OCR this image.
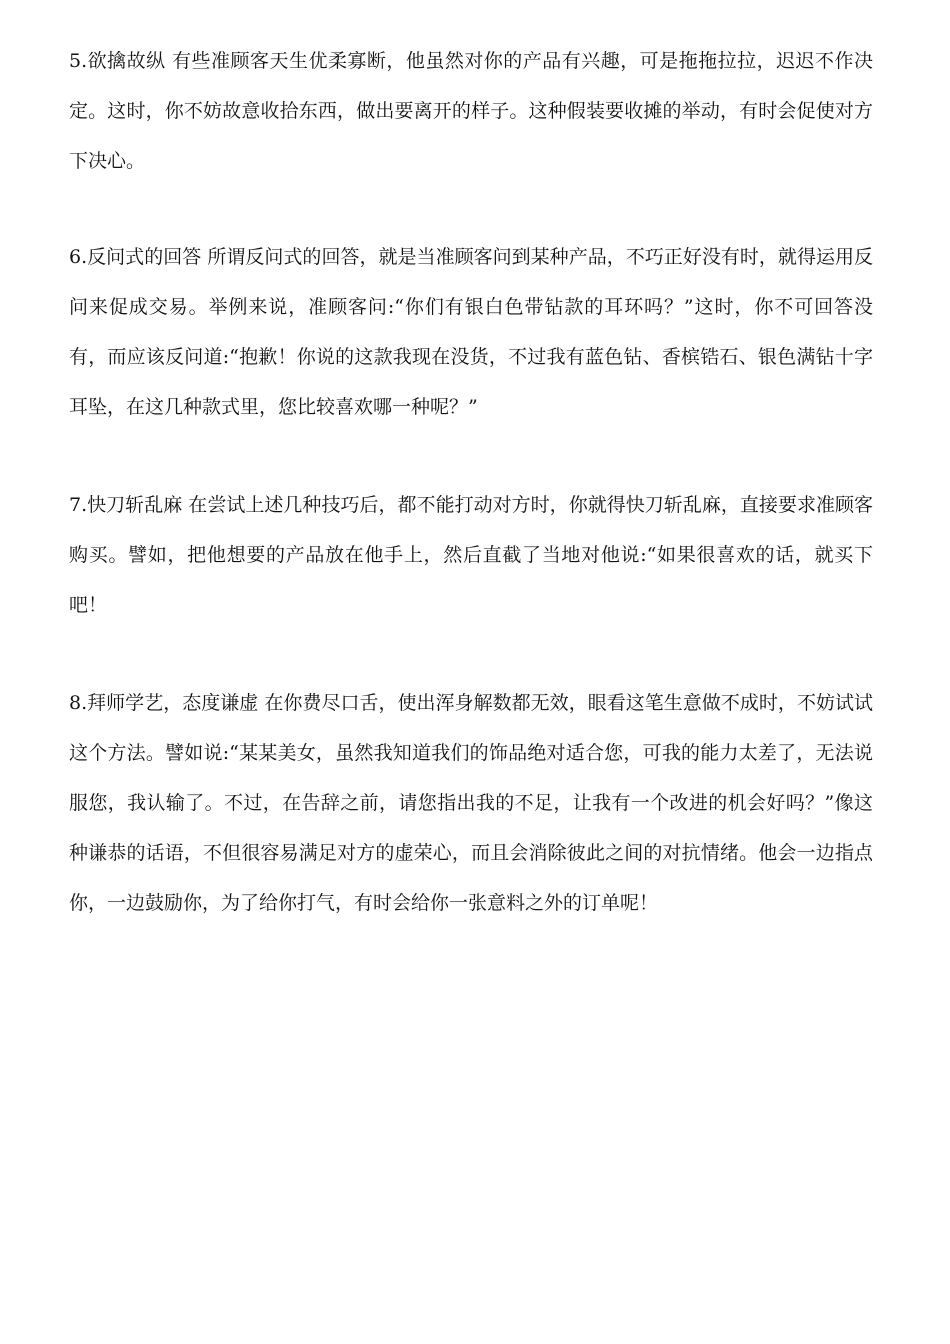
5.欲擒故纵 有些准顾客天生优柔寡断，他虽然对你的产品有兴趣，可是拖拖拉拉，迟迟不作决定。这时，你不妨故意收拾东西，做出要离开的样子。这种假装要收摊的举动，有时会促使对方下决心。

6.反问式的回答 所谓反问式的回答，就是当准顾客问到某种产品，不巧正好没有时，就得运用反问来促成交易。举例来说，准顾客问:“你们有银白色带钻款的耳环吗？”这时，你不可回答没有，而应该反问道:“抱歉！你说的这款我现在没货，不过我有蓝色钻、香槟锆石、银色满钻十字耳坠，在这几种款式里，您比较喜欢哪一种呢？”

7.快刀斩乱麻 在尝试上述几种技巧后，都不能打动对方时，你就得快刀斩乱麻，直接要求准顾客购买。譬如，把他想要的产品放在他手上，然后直截了当地对他说:“如果很喜欢的话，就买下吧！

8.拜师学艺，态度谦虚 在你费尽口舌，使出浑身解数都无效，眼看这笔生意做不成时，不妨试试这个方法。譬如说:“某某美女，虽然我知道我们的饰品绝对适合您，可我的能力太差了，无法说服您，我认输了。不过，在告辞之前，请您指出我的不足，让我有一个改进的机会好吗？”像这种谦恭的话语，不但很容易满足对方的虚荣心，而且会消除彼此之间的对抗情绪。他会一边指点你，一边鼓励你，为了给你打气，有时会给你一张意料之外的订单呢！
